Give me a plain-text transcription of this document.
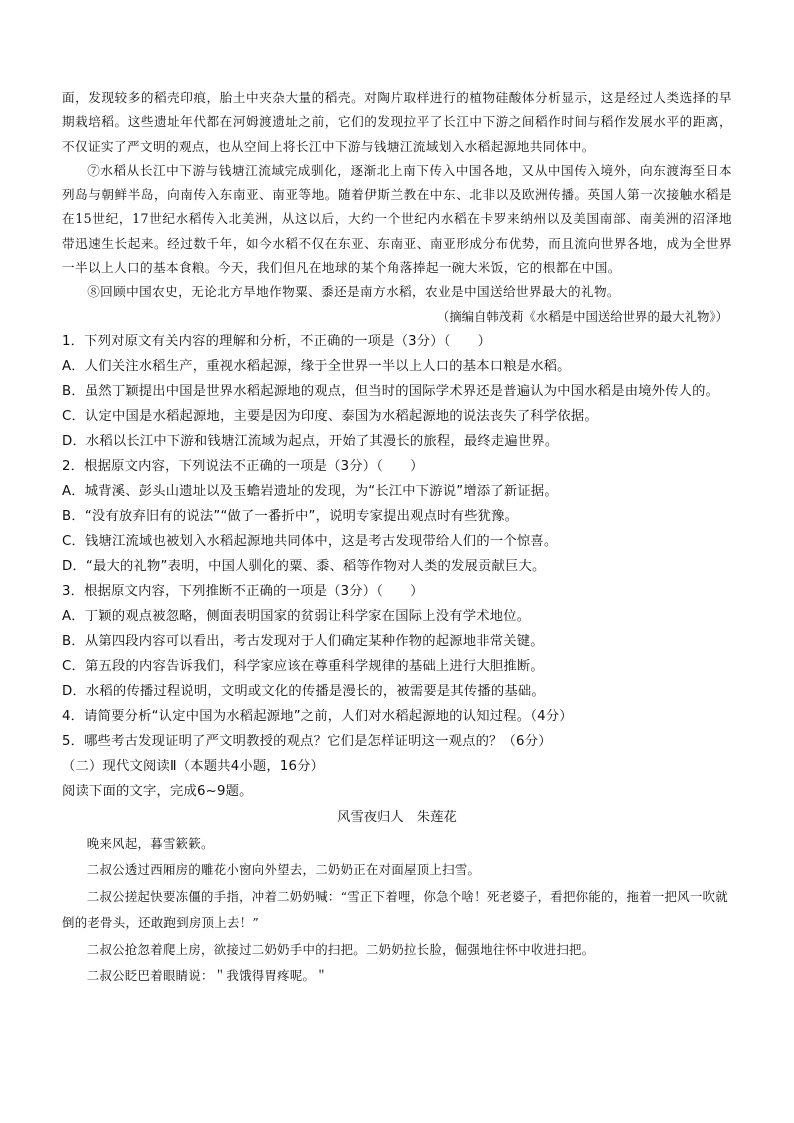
面，发现较多的稻壳印痕，胎土中夹杂大量的稻壳。对陶片取样进行的植物硅酸体分析显示，这是经过人类选择的早期栽培稻。这些遗址年代都在河姆渡遗址之前，它们的发现拉平了长江中下游之间稻作时间与稻作发展水平的距离，不仅证实了严文明的观点，也从空间上将长江中下游与钱塘江流域划入水稻起源地共同体中。

⑦水稻从长江中下游与钱塘江流域完成驯化，逐渐北上南下传入中国各地，又从中国传入境外，向东渡海至日本列岛与朝鲜半岛，向南传入东南亚、南亚等地。随着伊斯兰教在中东、北非以及欧洲传播。英国人第一次接触水稻是在15世纪，17世纪水稻传入北美洲，从这以后，大约一个世纪内水稻在卡罗来纳州以及美国南部、南美洲的沼泽地带迅速生长起来。经过数千年，如今水稻不仅在东亚、东南亚、南亚形成分布优势，而且流向世界各地，成为全世界一半以上人口的基本食粮。今天，我们但凡在地球的某个角落捧起一碗大米饭，它的根都在中国。

⑧回顾中国农史，无论北方旱地作物粟、黍还是南方水稻，农业是中国送给世界最大的礼物。

（摘编自韩茂莉《水稻是中国送给世界的最大礼物》）

1．下列对原文有关内容的理解和分析，不正确的一项是（3分）（　　）

A．人们关注水稻生产，重视水稻起源，缘于全世界一半以上人口的基本口粮是水稻。

B．虽然丁颖提出中国是世界水稻起源地的观点，但当时的国际学术界还是普遍认为中国水稻是由境外传人的。

C．认定中国是水稻起源地，主要是因为印度、泰国为水稻起源地的说法丧失了科学依据。

D．水稻以长江中下游和钱塘江流域为起点，开始了其漫长的旅程，最终走遍世界。

2．根据原文内容，下列说法不正确的一项是（3分）（　　）

A．城背溪、彭头山遗址以及玉蟾岩遗址的发现，为“长江中下游说”增添了新证据。

B．“没有放弃旧有的说法”“做了一番折中”，说明专家提出观点时有些犹豫。

C．钱塘江流域也被划入水稻起源地共同体中，这是考古发现带给人们的一个惊喜。

D．“最大的礼物”表明，中国人驯化的粟、黍、稻等作物对人类的发展贡献巨大。

3．根据原文内容，下列推断不正确的一项是（3分）（　　）

A．丁颖的观点被忽略，侧面表明国家的贫弱让科学家在国际上没有学术地位。

B．从第四段内容可以看出，考古发现对于人们确定某种作物的起源地非常关键。

C．第五段的内容告诉我们，科学家应该在尊重科学规律的基础上进行大胆推断。

D．水稻的传播过程说明，文明或文化的传播是漫长的，被需要是其传播的基础。

4．请简要分析“认定中国为水稻起源地”之前，人们对水稻起源地的认知过程。（4分）

5．哪些考古发现证明了严文明教授的观点？它们是怎样证明这一观点的？（6分）

（二）现代文阅读Ⅱ（本题共4小题，16分）

阅读下面的文字，完成6~9题。

风雪夜归人　朱莲花

晚来风起，暮雪簌簌。

二叔公透过西厢房的雕花小窗向外望去，二奶奶正在对面屋顶上扫雪。

二叔公搓起快要冻僵的手指，冲着二奶奶喊：“雪正下着哩，你急个啥！死老婆子，看把你能的，拖着一把风一吹就倒的老骨头，还敢跑到房顶上去！”

二叔公抢忽着爬上房，欲接过二奶奶手中的扫把。二奶奶拉长脸，倔强地往怀中收进扫把。

二叔公眨巴着眼睛说：＂我饿得胃疼呢。＂
